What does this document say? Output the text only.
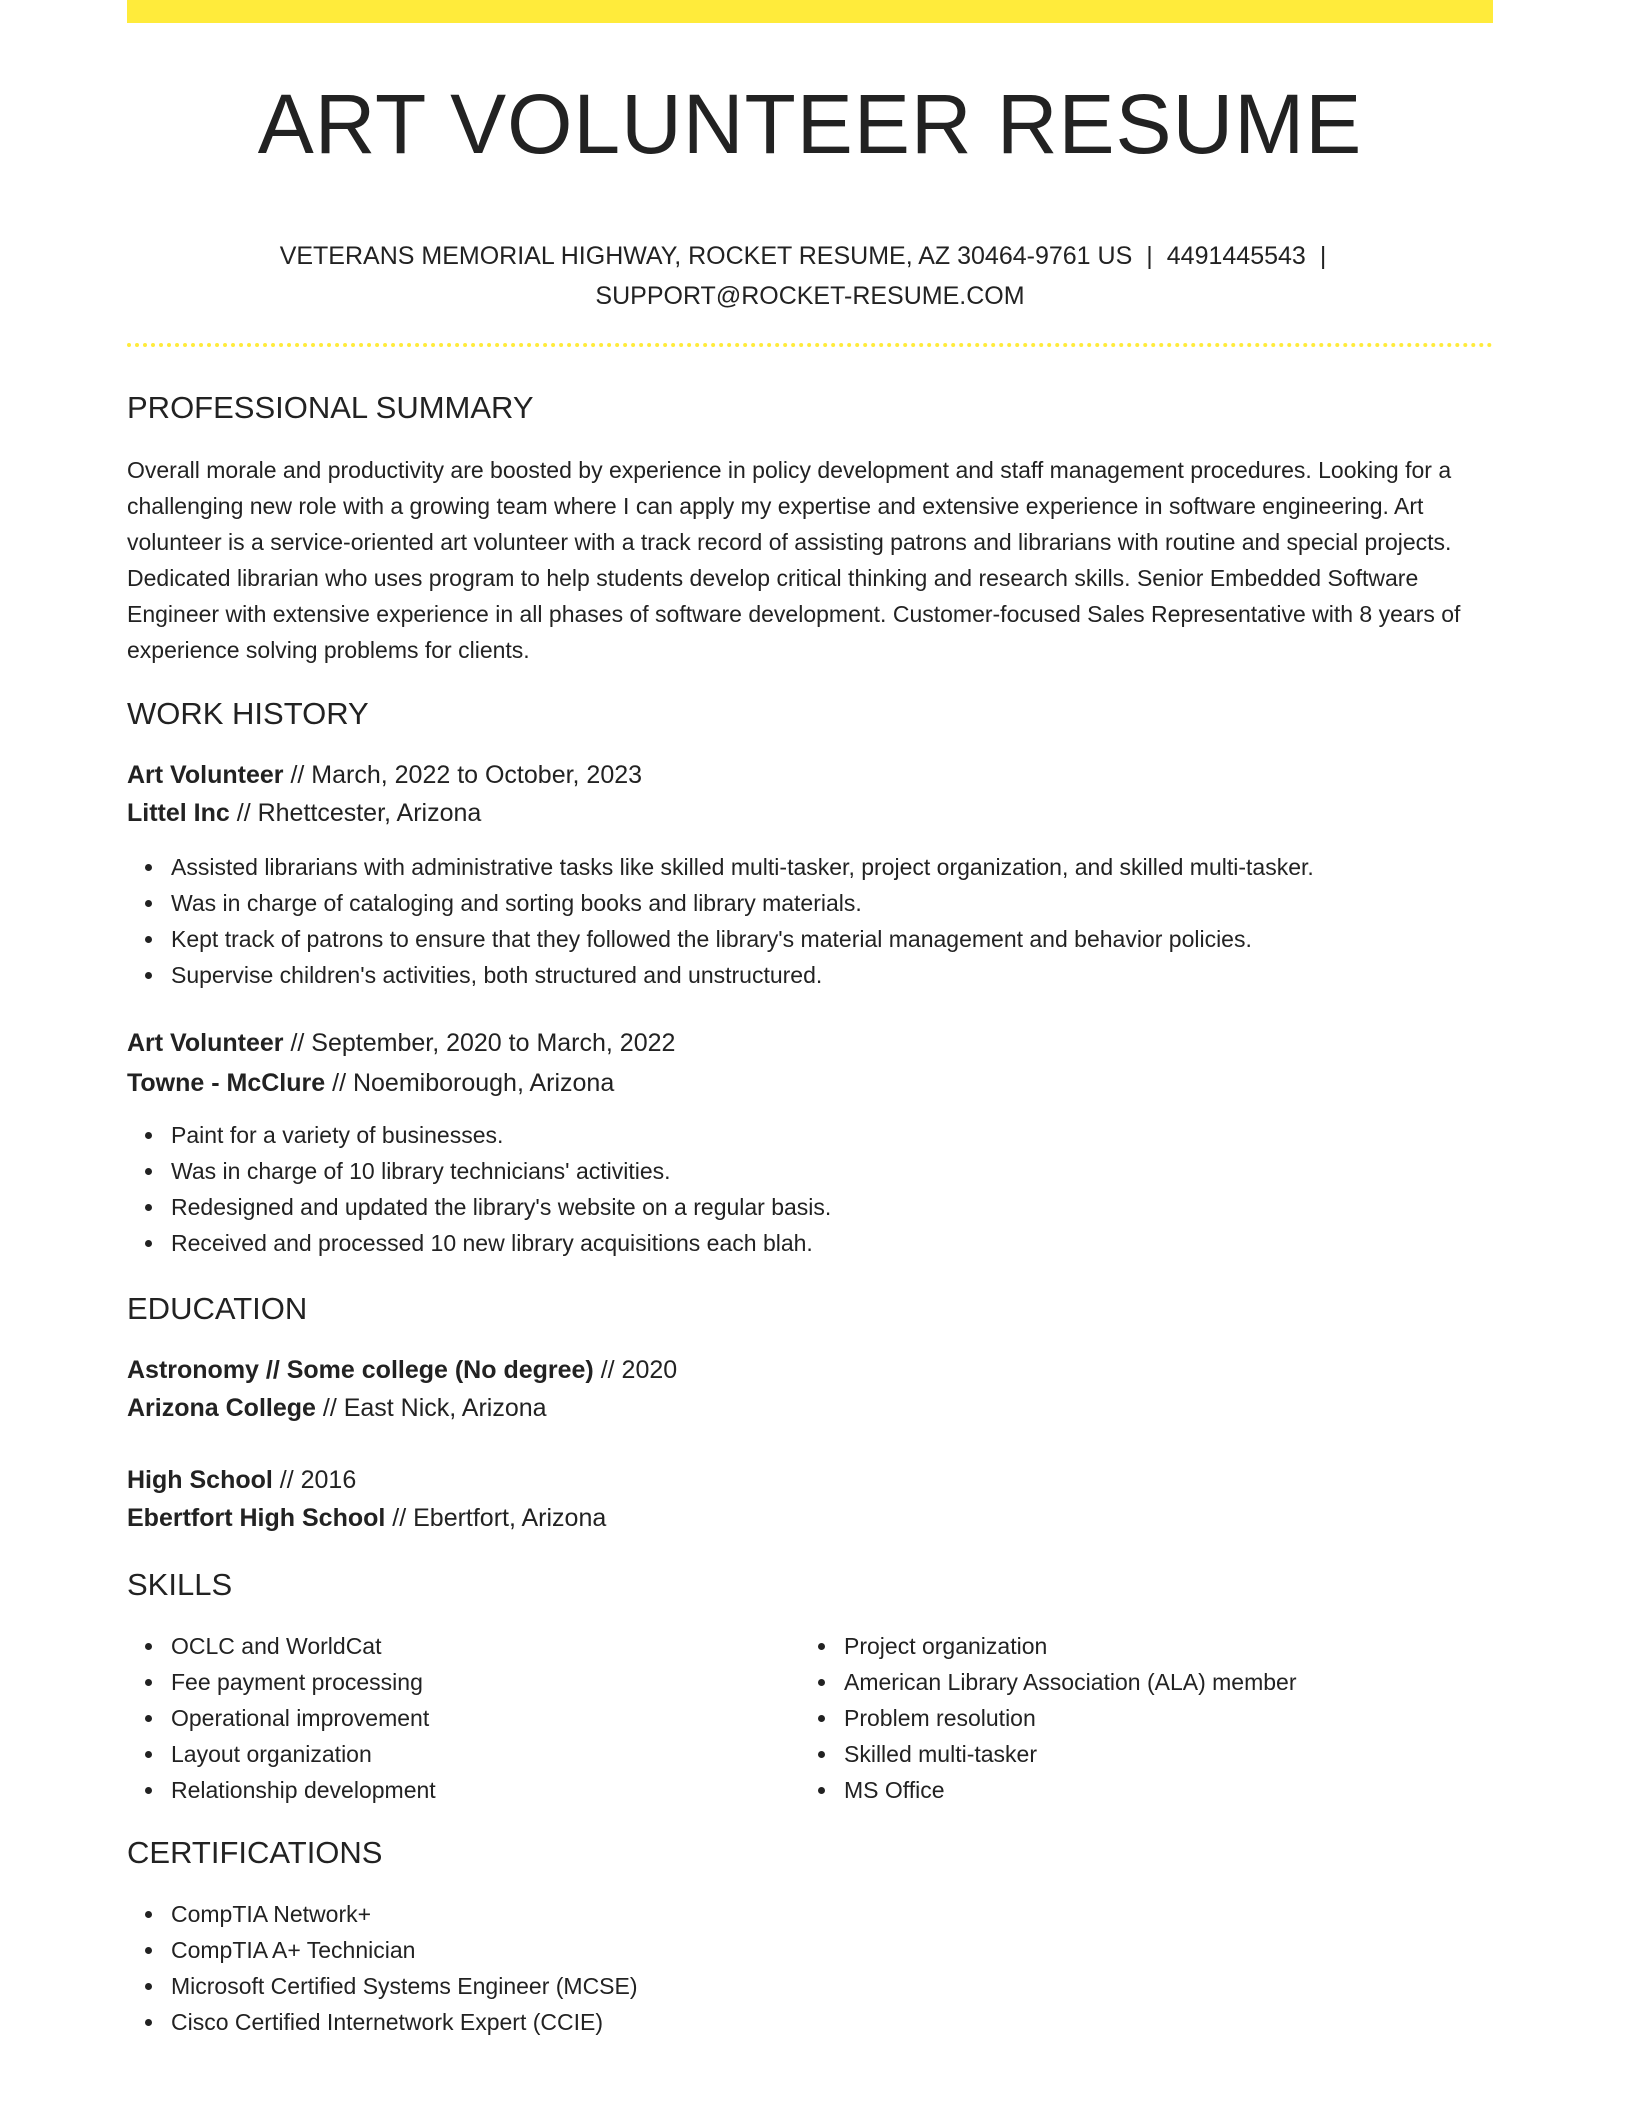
ART VOLUNTEER RESUME
VETERANS MEMORIAL HIGHWAY, ROCKET RESUME, AZ 30464-9761 US | 4491445543 |
SUPPORT@ROCKET-RESUME.COM
PROFESSIONAL SUMMARY

Overall morale and productivity are boosted by experience in policy development and staff management procedures. Looking for a challenging new role with a growing team where I can apply my expertise and extensive experience in software engineering. Art volunteer is a service-oriented art volunteer with a track record of assisting patrons and librarians with routine and special projects. Dedicated librarian who uses program to help students develop critical thinking and research skills. Senior Embedded Software Engineer with extensive experience in all phases of software development. Customer-focused Sales Representative with 8 years of experience solving problems for clients.

WORK HISTORY
Art Volunteer // March, 2022 to October, 2023
Littel Inc // Rhettcester, Arizona
Assisted librarians with administrative tasks like skilled multi-tasker, project organization, and skilled multi-tasker.
Was in charge of cataloging and sorting books and library materials.
Kept track of patrons to ensure that they followed the library's material management and behavior policies.
Supervise children's activities, both structured and unstructured.
Art Volunteer // September, 2020 to March, 2022
Towne - McClure // Noemiborough, Arizona
Paint for a variety of businesses.
Was in charge of 10 library technicians' activities.
Redesigned and updated the library's website on a regular basis.
Received and processed 10 new library acquisitions each blah.
EDUCATION
Astronomy // Some college (No degree) // 2020
Arizona College // East Nick, Arizona
High School // 2016
Ebertfort High School // Ebertfort, Arizona
SKILLS
OCLC and WorldCat
Fee payment processing
Operational improvement
Layout organization
Relationship development
Project organization
American Library Association (ALA) member
Problem resolution
Skilled multi-tasker
MS Office
CERTIFICATIONS
CompTIA Network+
CompTIA A+ Technician
Microsoft Certified Systems Engineer (MCSE)
Cisco Certified Internetwork Expert (CCIE)
